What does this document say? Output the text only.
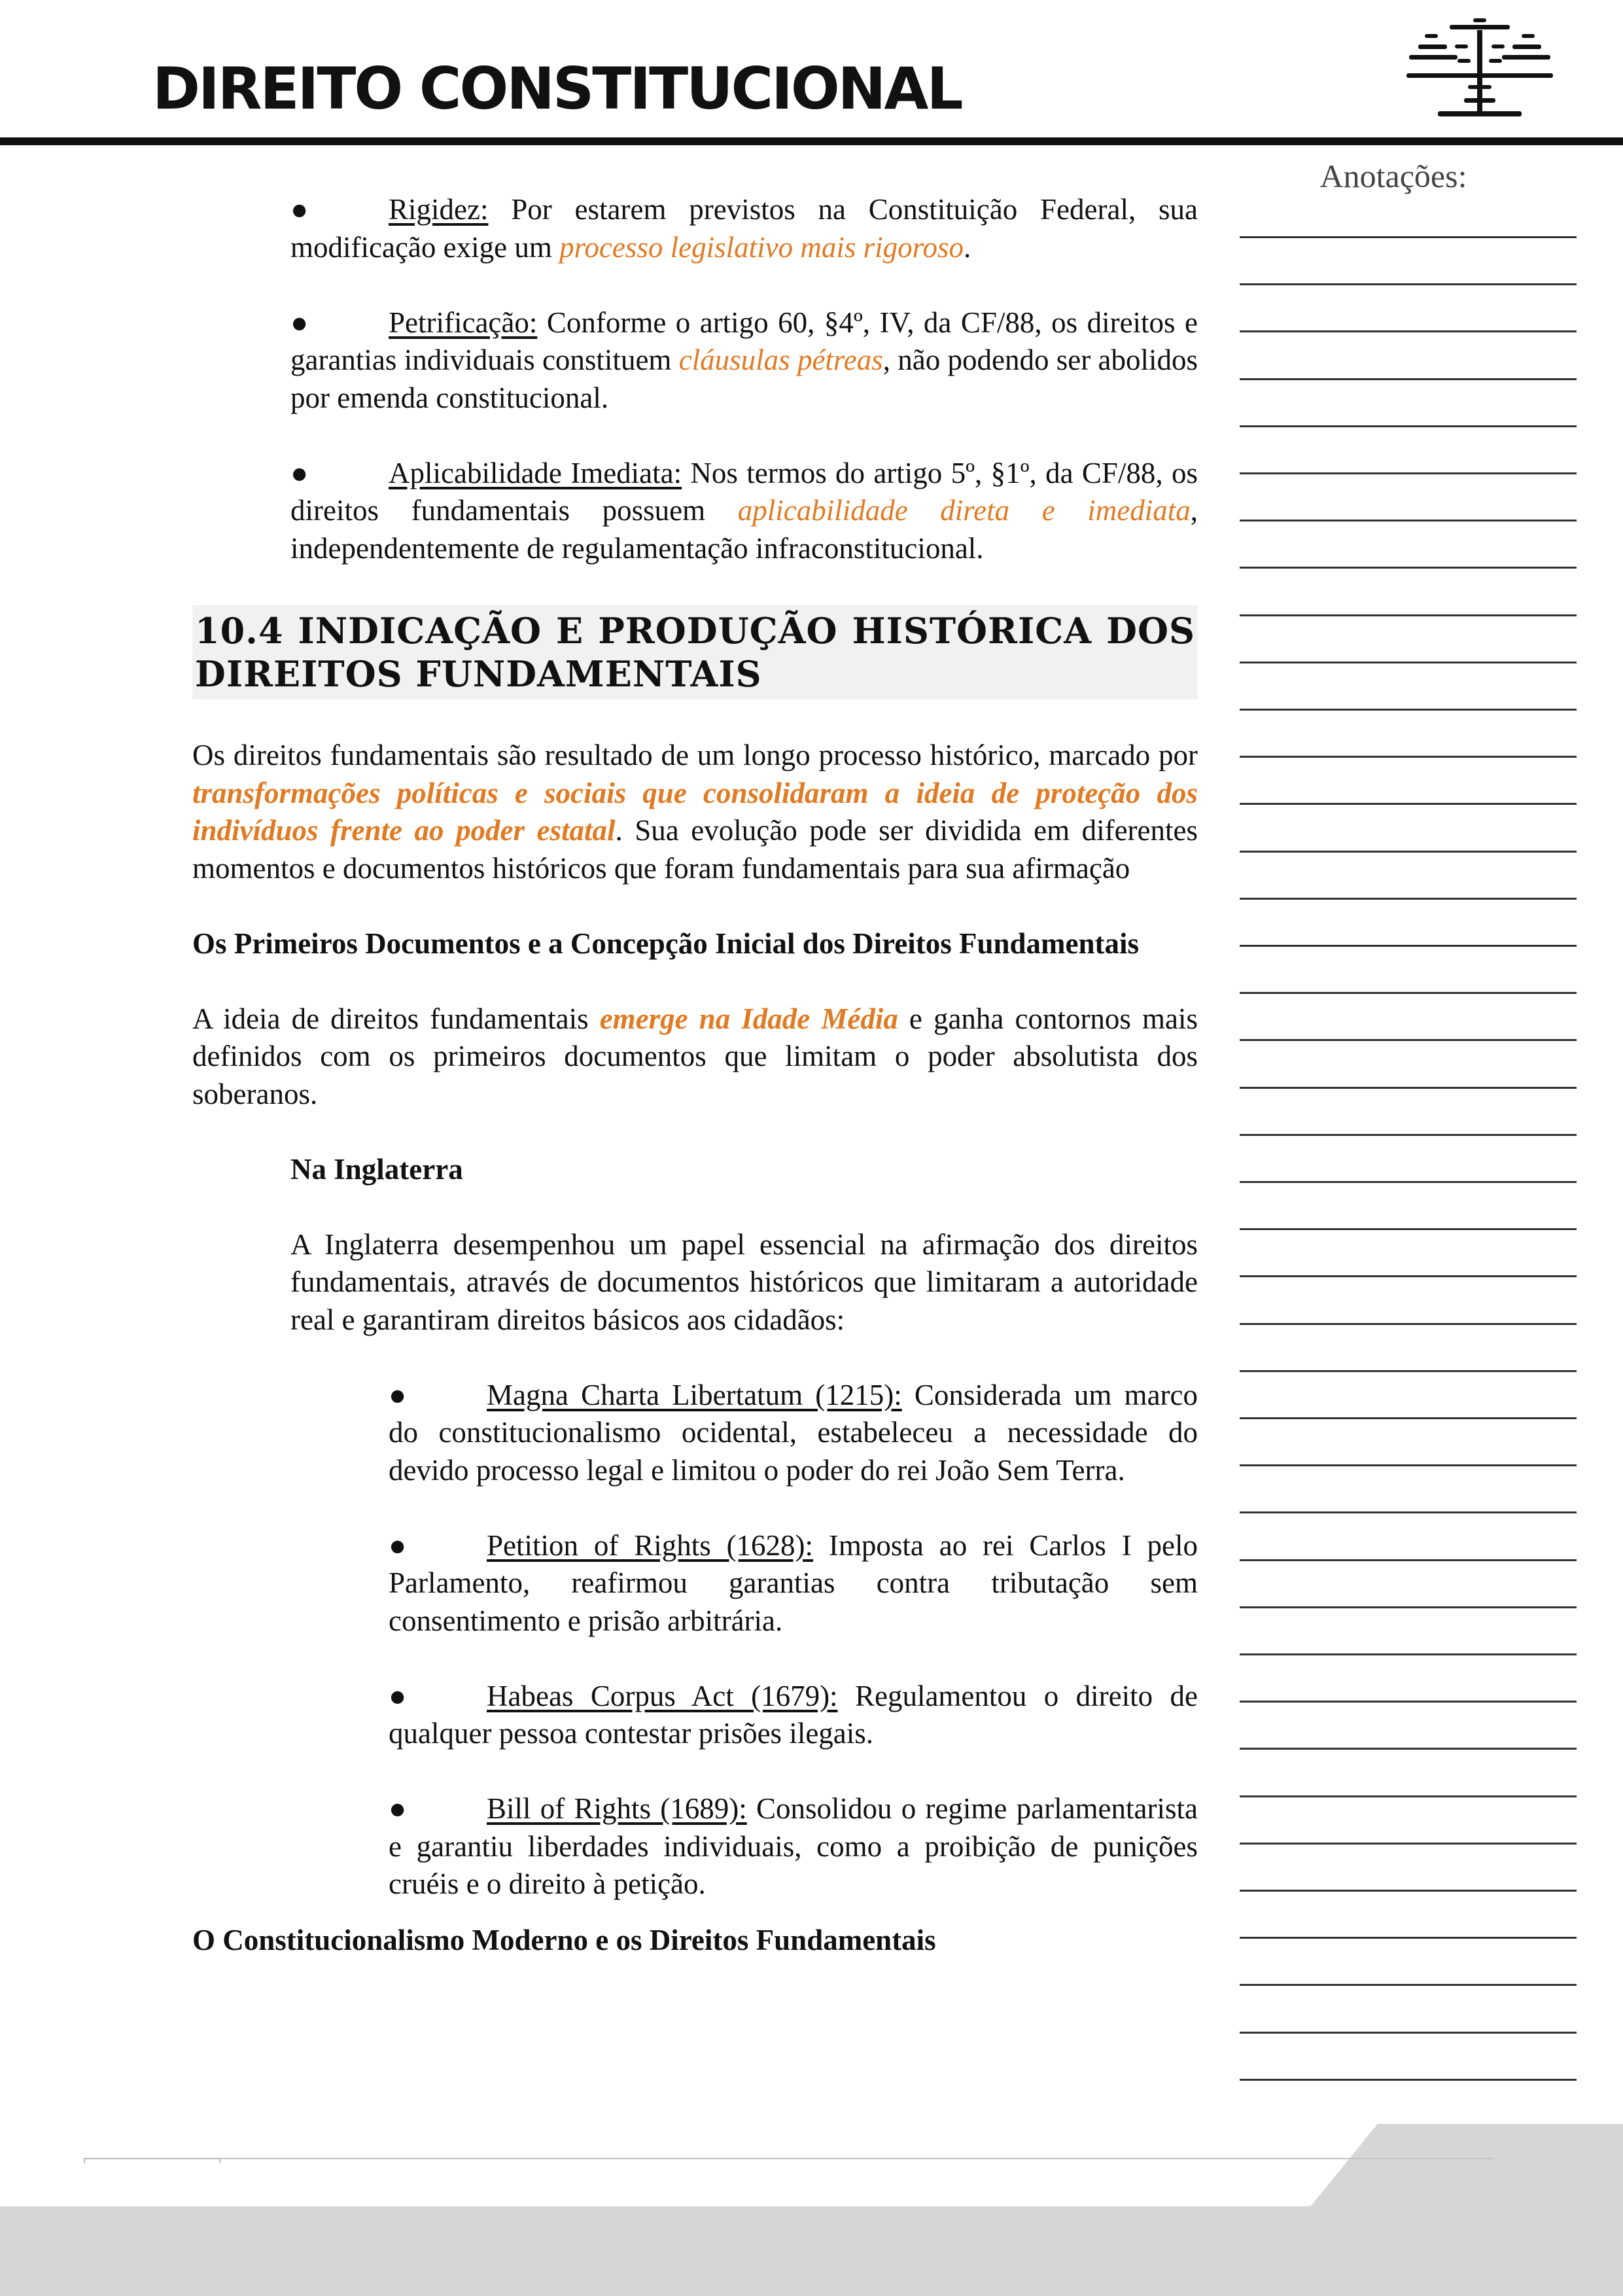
DIREITO CONSTITUCIONAL
Anotações:

●	Rigidez: Por estarem previstos na Constituição Federal, sua modificação exige um processo legislativo mais rigoroso.

●	Petrificação: Conforme o artigo 60, §4º, IV, da CF/88, os direitos e garantias individuais constituem cláusulas pétreas, não podendo ser abolidos por emenda constitucional.

●	Aplicabilidade Imediata: Nos termos do artigo 5º, §1º, da CF/88, os direitos fundamentais possuem aplicabilidade direta e imediata, independentemente de regulamentação infraconstitucional.

10.4 INDICAÇÃO E PRODUÇÃO HISTÓRICA DOS DIREITOS FUNDAMENTAIS

Os direitos fundamentais são resultado de um longo processo histórico, marcado por transformações políticas e sociais que consolidaram a ideia de proteção dos indivíduos frente ao poder estatal. Sua evolução pode ser dividida em diferentes momentos e documentos históricos que foram fundamentais para sua afirmação

Os Primeiros Documentos e a Concepção Inicial dos Direitos Fundamentais

A ideia de direitos fundamentais emerge na Idade Média e ganha contornos mais definidos com os primeiros documentos que limitam o poder absolutista dos soberanos.

Na Inglaterra

A Inglaterra desempenhou um papel essencial na afirmação dos direitos fundamentais, através de documentos históricos que limitaram a autoridade real e garantiram direitos básicos aos cidadãos:

●	Magna Charta Libertatum (1215): Considerada um marco do constitucionalismo ocidental, estabeleceu a necessidade do devido processo legal e limitou o poder do rei João Sem Terra.

●	Petition of Rights (1628): Imposta ao rei Carlos I pelo Parlamento, reafirmou garantias contra tributação sem consentimento e prisão arbitrária.

●	Habeas Corpus Act (1679): Regulamentou o direito de qualquer pessoa contestar prisões ilegais.

●	Bill of Rights (1689): Consolidou o regime parlamentarista e garantiu liberdades individuais, como a proibição de punições cruéis e o direito à petição.

O Constitucionalismo Moderno e os Direitos Fundamentais
